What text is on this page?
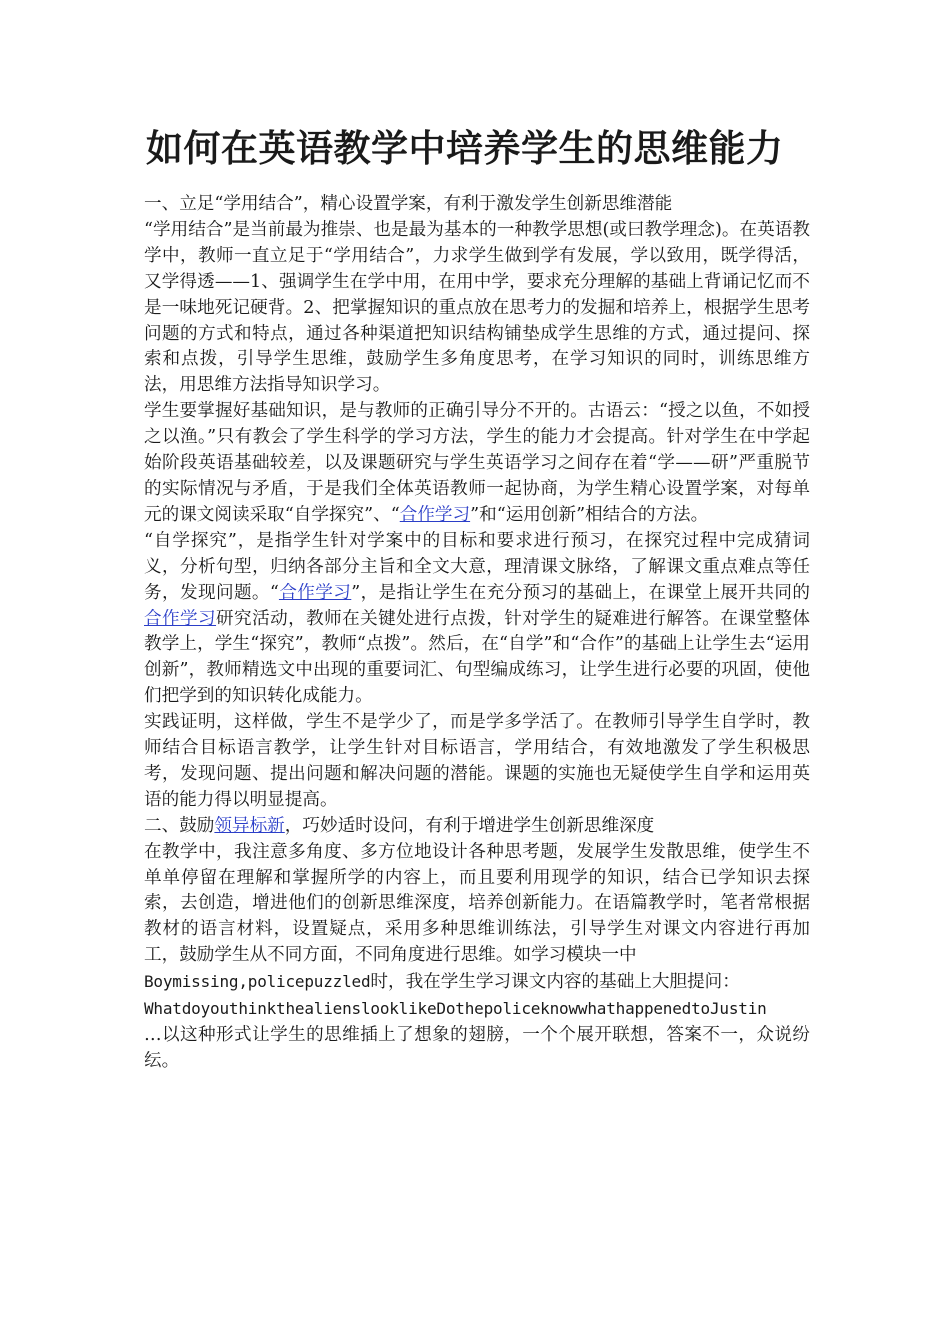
如何在英语教学中培养学生的思维能力

一、立足“学用结合”，精心设置学案，有利于激发学生创新思维潜能

“学用结合”是当前最为推崇、也是最为基本的一种教学思想(或曰教学理念)。在英语教学中，教师一直立足于“学用结合”，力求学生做到学有发展，学以致用，既学得活，又学得透——1、强调学生在学中用，在用中学，要求充分理解的基础上背诵记忆而不是一味地死记硬背。2、把掌握知识的重点放在思考力的发掘和培养上，根据学生思考问题的方式和特点，通过各种渠道把知识结构铺垫成学生思维的方式，通过提问、探索和点拨，引导学生思维，鼓励学生多角度思考，在学习知识的同时，训练思维方法，用思维方法指导知识学习。

学生要掌握好基础知识，是与教师的正确引导分不开的。古语云：“授之以鱼，不如授之以渔。”只有教会了学生科学的学习方法，学生的能力才会提高。针对学生在中学起始阶段英语基础较差，以及课题研究与学生英语学习之间存在着“学——研”严重脱节的实际情况与矛盾，于是我们全体英语教师一起协商，为学生精心设置学案，对每单元的课文阅读采取“自学探究”、“合作学习”和“运用创新”相结合的方法。

“自学探究”，是指学生针对学案中的目标和要求进行预习，在探究过程中完成猜词义，分析句型，归纳各部分主旨和全文大意，理清课文脉络，了解课文重点难点等任务，发现问题。“合作学习”，是指让学生在充分预习的基础上，在课堂上展开共同的合作学习研究活动，教师在关键处进行点拨，针对学生的疑难进行解答。在课堂整体教学上，学生“探究”，教师“点拨”。然后，在“自学”和“合作”的基础上让学生去“运用创新”，教师精选文中出现的重要词汇、句型编成练习，让学生进行必要的巩固，使他们把学到的知识转化成能力。

实践证明，这样做，学生不是学少了，而是学多学活了。在教师引导学生自学时，教师结合目标语言教学，让学生针对目标语言，学用结合，有效地激发了学生积极思考，发现问题、提出问题和解决问题的潜能。课题的实施也无疑使学生自学和运用英语的能力得以明显提高。

二、鼓励领异标新，巧妙适时设问，有利于增进学生创新思维深度

在教学中，我注意多角度、多方位地设计各种思考题，发展学生发散思维，使学生不单单停留在理解和掌握所学的内容上，而且要利用现学的知识，结合已学知识去探索，去创造，增进他们的创新思维深度，培养创新能力。在语篇教学时，笔者常根据教材的语言材料，设置疑点，采用多种思维训练法，引导学生对课文内容进行再加工，鼓励学生从不同方面，不同角度进行思维。如学习模块一中
Boymissing,policepuzzled时，我在学生学习课文内容的基础上大胆提问：
WhatdoyouthinkthealienslooklikeDothepoliceknowwhathappenedtoJustin
…以这种形式让学生的思维插上了想象的翅膀，一个个展开联想，答案不一，众说纷纭。
